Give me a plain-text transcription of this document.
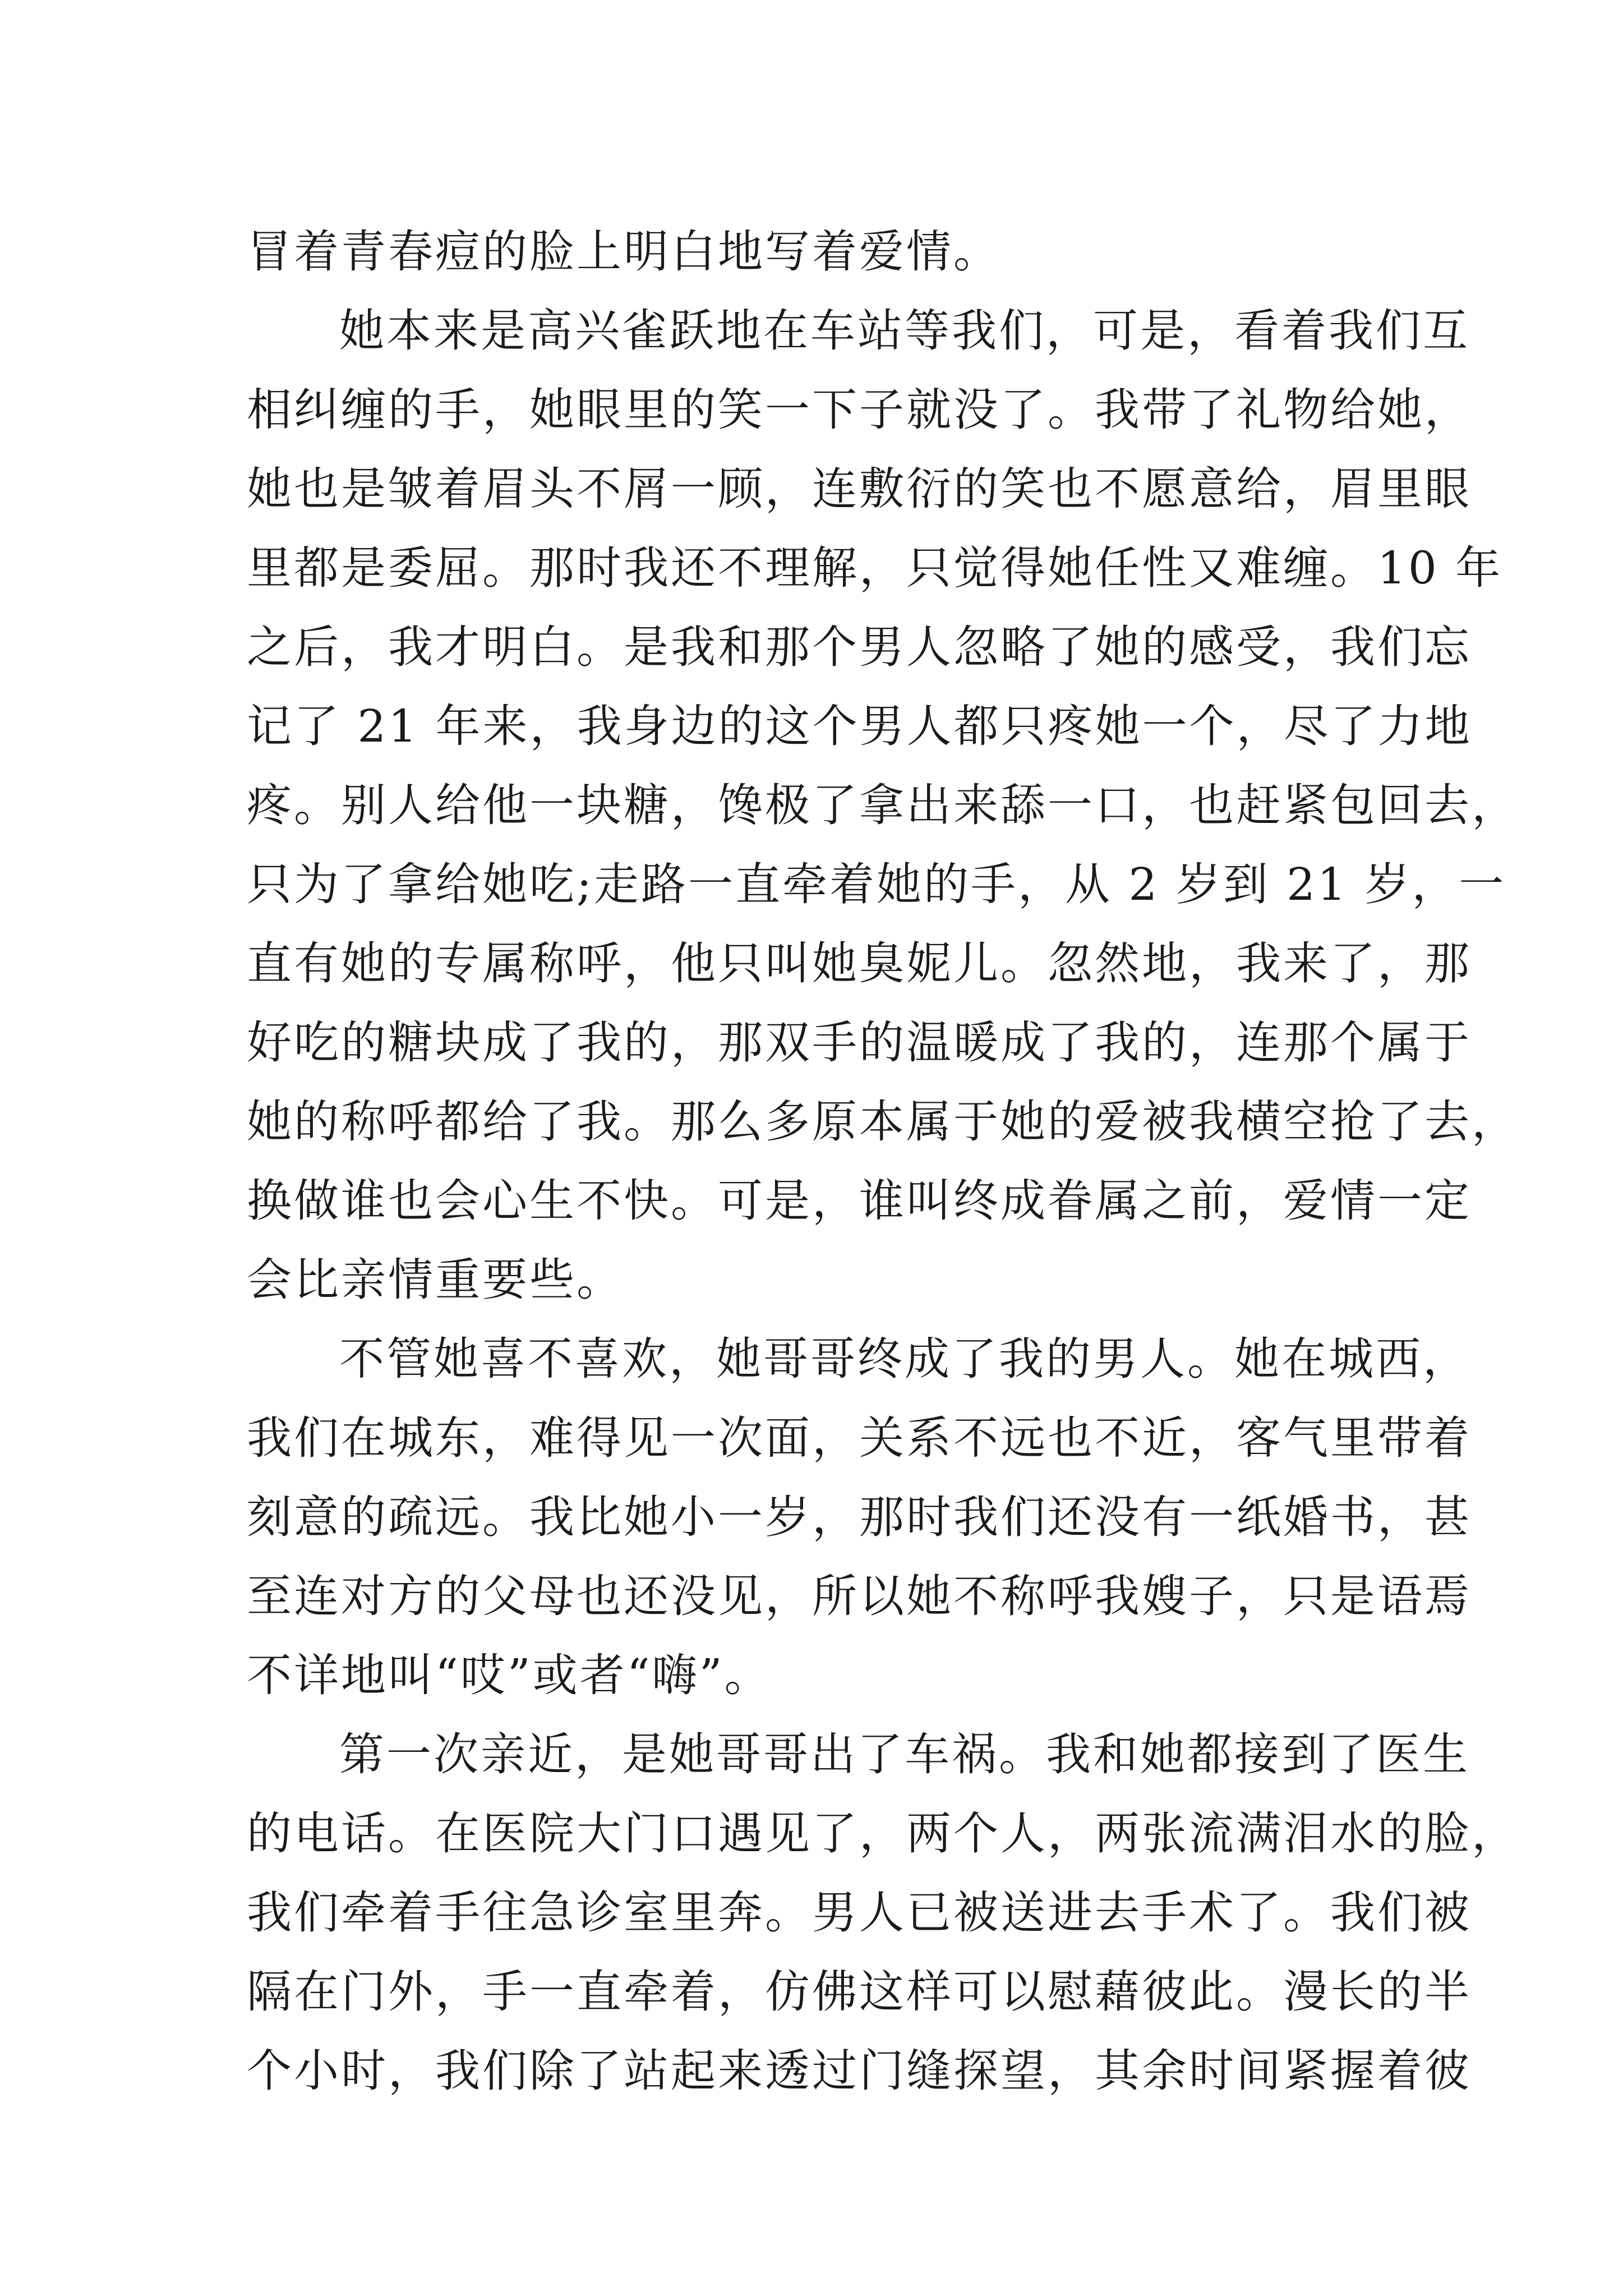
冒着青春痘的脸上明白地写着爱情。
她本来是高兴雀跃地在车站等我们，可是，看着我们互
相纠缠的手，她眼里的笑一下子就没了。我带了礼物给她，
她也是皱着眉头不屑一顾，连敷衍的笑也不愿意给，眉里眼
里都是委屈。那时我还不理解，只觉得她任性又难缠。10 年
之后，我才明白。是我和那个男人忽略了她的感受，我们忘
记了 21 年来，我身边的这个男人都只疼她一个，尽了力地
疼。别人给他一块糖，馋极了拿出来舔一口，也赶紧包回去，
只为了拿给她吃;走路一直牵着她的手，从 2 岁到 21 岁，一
直有她的专属称呼，他只叫她臭妮儿。忽然地，我来了，那
好吃的糖块成了我的，那双手的温暖成了我的，连那个属于
她的称呼都给了我。那么多原本属于她的爱被我横空抢了去，
换做谁也会心生不快。可是，谁叫终成眷属之前，爱情一定
会比亲情重要些。
不管她喜不喜欢，她哥哥终成了我的男人。她在城西，
我们在城东，难得见一次面，关系不远也不近，客气里带着
刻意的疏远。我比她小一岁，那时我们还没有一纸婚书，甚
至连对方的父母也还没见，所以她不称呼我嫂子，只是语焉
不详地叫“哎”或者“嗨”。
第一次亲近，是她哥哥出了车祸。我和她都接到了医生
的电话。在医院大门口遇见了，两个人，两张流满泪水的脸，
我们牵着手往急诊室里奔。男人已被送进去手术了。我们被
隔在门外，手一直牵着，仿佛这样可以慰藉彼此。漫长的半
个小时，我们除了站起来透过门缝探望，其余时间紧握着彼
